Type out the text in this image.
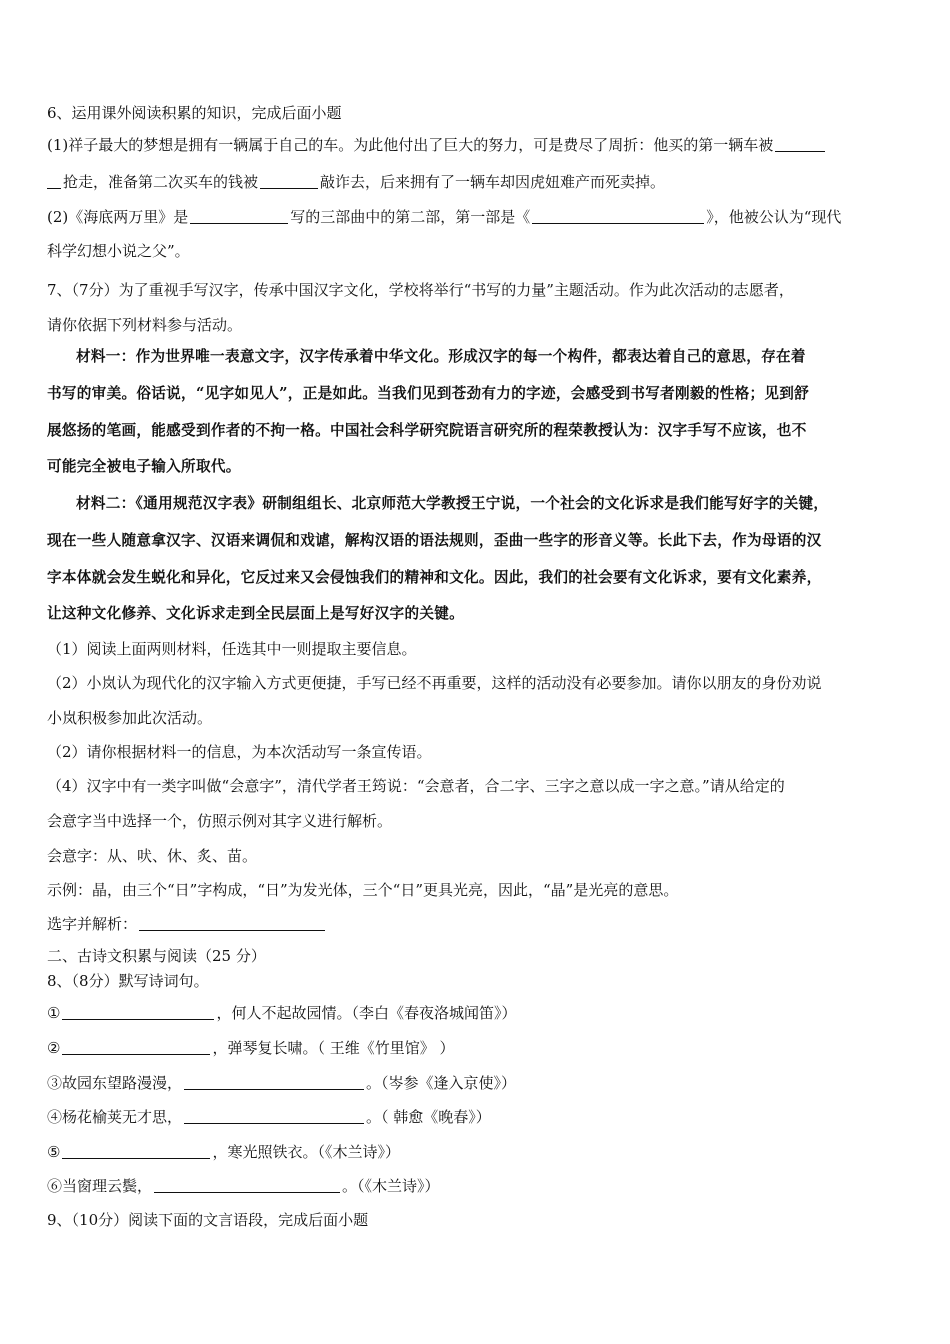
6、运用课外阅读积累的知识，完成后面小题
(1)祥子最大的梦想是拥有一辆属于自己的车。为此他付出了巨大的努力，可是费尽了周折：他买的第一辆车被
抢走，准备第二次买车的钱被	敲诈去，后来拥有了一辆车却因虎妞难产而死卖掉。
(2)《海底两万里》是	写的三部曲中的第二部，第一部是《	》，他被公认为“现代
科学幻想小说之父”。
7、（7分）为了重视手写汉字，传承中国汉字文化，学校将举行“书写的力量”主题活动。作为此次活动的志愿者，
请你依据下列材料参与活动。
材料一：作为世界唯一表意文字，汉字传承着中华文化。形成汉字的每一个构件，都表达着自己的意思，存在着
书写的审美。俗话说，“见字如见人”，正是如此。当我们见到苍劲有力的字迹，会感受到书写者刚毅的性格；见到舒
展悠扬的笔画，能感受到作者的不拘一格。中国社会科学研究院语言研究所的程荣教授认为：汉字手写不应该，也不
可能完全被电子输入所取代。
材料二：《通用规范汉字表》研制组组长、北京师范大学教授王宁说，一个社会的文化诉求是我们能写好字的关键，
现在一些人随意拿汉字、汉语来调侃和戏谑，解构汉语的语法规则，歪曲一些字的形音义等。长此下去，作为母语的汉
字本体就会发生蜕化和异化，它反过来又会侵蚀我们的精神和文化。因此，我们的社会要有文化诉求，要有文化素养，
让这种文化修养、文化诉求走到全民层面上是写好汉字的关键。
（1）阅读上面两则材料，任选其中一则提取主要信息。
（2）小岚认为现代化的汉字输入方式更便捷，手写已经不再重要，这样的活动没有必要参加。请你以朋友的身份劝说
小岚积极参加此次活动。
（2）请你根据材料一的信息，为本次活动写一条宣传语。
（4）汉字中有一类字叫做“会意字”，清代学者王筠说：“会意者，合二字、三字之意以成一字之意。”请从给定的
会意字当中选择一个，仿照示例对其字义进行解析。
会意字：从、吠、休、炙、苗。
示例：晶，由三个“日”字构成，“日”为发光体，三个“日”更具光亮，因此，“晶”是光亮的意思。
选字并解析：
二、古诗文积累与阅读（25 分）
8、（8分）默写诗词句。
①	，何人不起故园情。（李白《春夜洛城闻笛》）
②	，弹琴复长啸。（ 王维《竹里馆》 ）
③故园东望路漫漫，	。（岑参《逢入京使》）
④杨花榆荚无才思，	。（ 韩愈《晚春》）
⑤	，寒光照铁衣。（《木兰诗》）
⑥当窗理云鬓，	。（《木兰诗》）
9、（10分）阅读下面的文言语段，完成后面小题
